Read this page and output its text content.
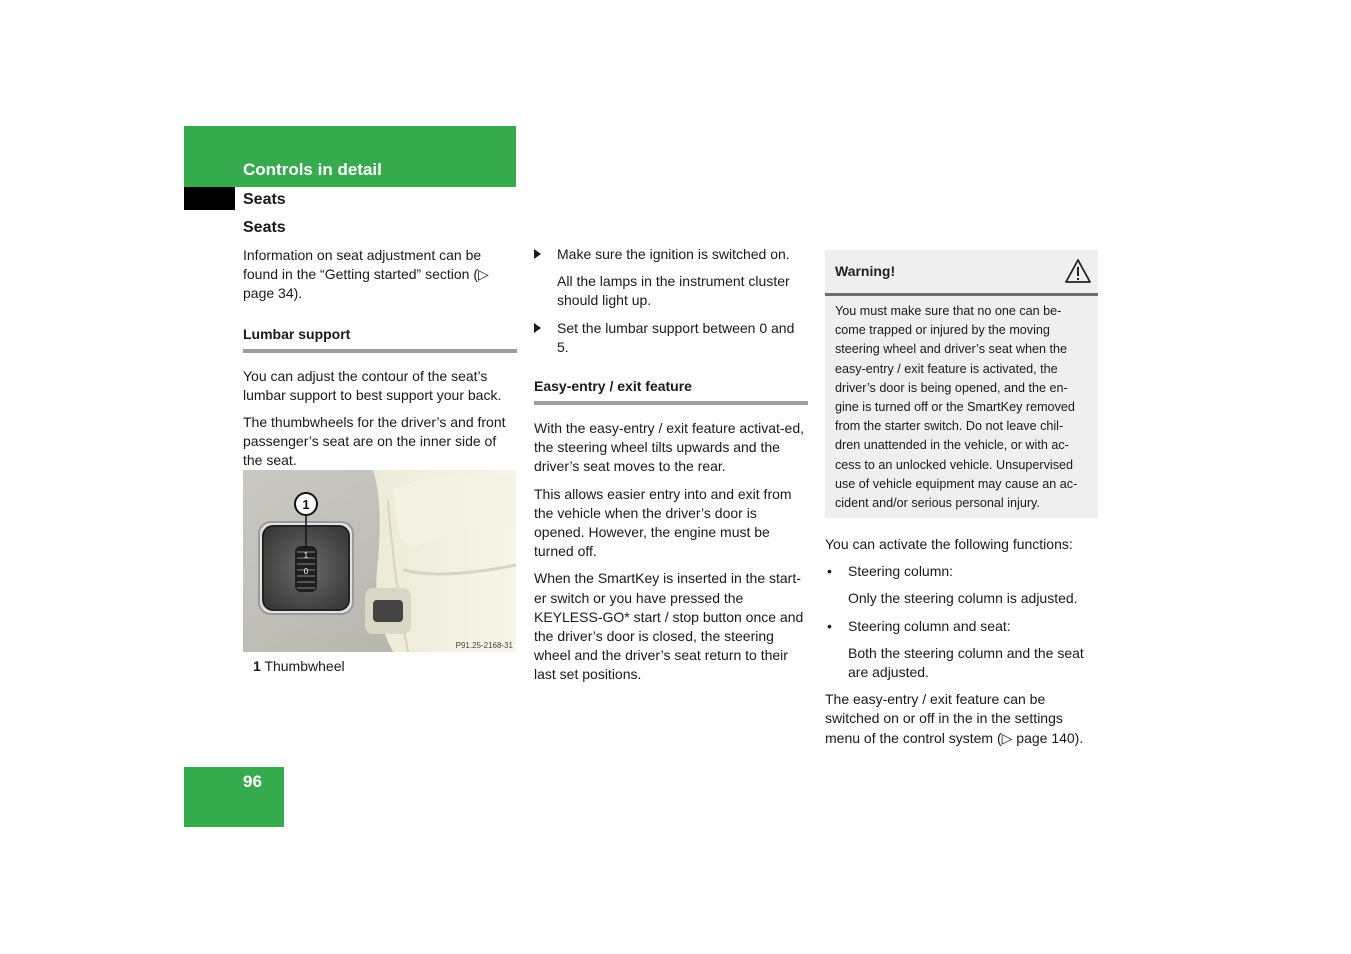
Controls in detail
Seats
Seats

Information on seat adjustment can be found in the “Getting started” section (▷ page 34).

Lumbar support

You can adjust the contour of the seat’s lumbar support to best support your back.

The thumbwheels for the driver’s and front passenger’s seat are on the inner side of the seat.

1
1
0
P91.25-2168-31
1 Thumbwheel

Make sure the ignition is switched on.

All the lamps in the instrument cluster should light up.

Set the lumbar support between 0 and 5.

Easy-entry / exit feature

With the easy-entry / exit feature activat-ed, the steering wheel tilts upwards and the driver’s seat moves to the rear.

This allows easier entry into and exit from the vehicle when the driver’s door is opened. However, the engine must be turned off.

When the SmartKey is inserted in the start-er switch or you have pressed the KEYLESS-GO* start / stop button once and the driver’s door is closed, the steering wheel and the driver’s seat return to their last set positions.

Warning!

You must make sure that no one can be-come trapped or injured by the moving steering wheel and driver’s seat when the easy-entry / exit feature is activated, the driver’s door is being opened, and the en-gine is turned off or the SmartKey removed from the starter switch. Do not leave chil-dren unattended in the vehicle, or with ac-cess to an unlocked vehicle. Unsupervised use of vehicle equipment may cause an ac-cident and/or serious personal injury.

You can activate the following functions:

• Steering column:

Only the steering column is adjusted.

• Steering column and seat:

Both the steering column and the seat are adjusted.

The easy-entry / exit feature can be switched on or off in the in the settings menu of the control system (▷ page 140).

96
